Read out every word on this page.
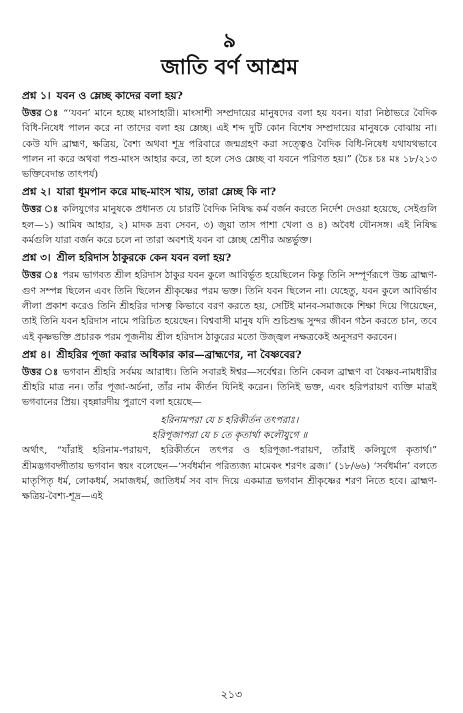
৯

জাতি বর্ণ আশ্রম

প্রশ্ন ১। যবন ও ম্লেচ্ছ কাদের বলা হয়?

উত্তর ঃ “‘যবন’ মানে হচ্ছে মাংসাহারী। মাংসাশী সম্প্রদায়ের মানুষদের বলা হয় যবন। যারা নিষ্ঠাভরে বৈদিক বিধি-নিষেধ পালন করে না তাদের বলা হয় ম্লেচ্ছ। এই শব্দ দুটি কোন বিশেষ সম্প্রদায়ের মানুষকে বোঝায় না। কেউ যদি ব্রাহ্মণ, ক্ষত্রিয়, বৈশ্য অথবা শূদ্র পরিবারে জন্মগ্রহণ করা সত্ত্বেও বৈদিক বিধি-নিষেধ যথাযথভাবে পালন না করে অথবা পশু-মাংস আহার করে, তা হলে সেও ম্লেচ্ছ বা যবনে পরিণত হয়।” (চৈঃ চঃ মঃ ১৮/২১৩ ভক্তিবেদান্ত তাৎপর্য)

প্রশ্ন ২। যারা ধূমপান করে মাছ-মাংস খায়, তারা ম্লেচ্ছ কি না?

উত্তর ঃ কলিযুগের মানুষকে প্রধানত যে চারটি বৈদিক নিষিদ্ধ কর্ম বর্জন করতে নির্দেশ দেওয়া হয়েছে, সেইগুলি হল—১) আমিষ আহার, ২) মাদক দ্রব্য সেবন, ৩) জুয়া তাস পাশা খেলা ও ৪) অবৈধ যৌনসঙ্গ। এই নিষিদ্ধ কর্মগুলি যারা বর্জন করে চলে না তারা অবশ্যই যবন বা ম্লেচ্ছ শ্রেণীর অন্তর্ভুক্ত।

প্রশ্ন ৩। শ্রীল হরিদাস ঠাকুরকে কেন যবন বলা হয়?

উত্তর ঃ পরম ভাগবত শ্রীল হরিদাস ঠাকুর যবন কুলে আবির্ভূত হয়েছিলেন কিন্তু তিনি সম্পূর্ণরূপে উচ্চ ব্রাহ্মণ-গুণ সম্পন্ন ছিলেন এবং তিনি ছিলেন শ্রীকৃষ্ণের পরম ভক্ত। তিনি যবন ছিলেন না। যেহেতু, যবন কুলে আবির্ভাব লীলা প্রকাশ করেও তিনি শ্রীহরির দাসত্ব কিভাবে বরণ করতে হয়, সেটিই মানব-সমাজকে শিক্ষা দিয়ে গিয়েছেন, তাই তিনি যবন হরিদাস নামে পরিচিত হয়েছেন। বিশ্ববাসী মানুষ যদি শুচিশুদ্ধ সুন্দর জীবন গঠন করতে চান, তবে এই কৃষ্ণভক্তি প্রচারক পরম পূজনীয় শ্রীল হরিদাস ঠাকুরের মতো উজ্জ্বল নক্ষত্রকেই অনুসরণ করবেন।

প্রশ্ন ৪। শ্রীহরির পূজা করার অধিকার কার—ব্রাহ্মণের, না বৈষ্ণবের?

উত্তর ঃ ভগবান শ্রীহরি সর্বময় আরাধ্য। তিনি সবারই ঈশ্বর—সর্বেশ্বর। তিনি কেবল ব্রাহ্মণ বা বৈষ্ণব-নামধারীর শ্রীহরি মাত্র নন। তাঁর পূজা-অর্চনা, তাঁর নাম কীর্তন যিনিই করেন। তিনিই ভক্ত, এবং হরিপরায়ণ ব্যক্তি মাত্রই ভগবানের প্রিয়। বৃহন্নারদীয় পুরাণে বলা হয়েছে—

হরিনামপরা যে চ হরিকীর্তন তৎপরাঃ।

হরিপূজাপরা যে চ তে কৃতার্থা কলৌযুগে ॥

অর্থাৎ, “যাঁরাই হরিনাম-পরায়ণ, হরিকীর্তনে তৎপর ও হরিপূজা-পরায়ণ, তাঁরাই কলিযুগে কৃতার্থ।” শ্রীমদ্ভগবদ্গীতায় ভগবান স্বয়ং বলেছেন—‘সর্বধর্মান পরিত্যজ্য মামেকং শরণং ব্রজ।’ (১৮/৬৬) ‘সর্বধর্মান’ বলতে মাতৃপিতৃ ধর্ম, লোকধর্ম, সমাজধর্ম, জাতিধর্ম সব বাদ দিয়ে একমাত্র ভগবান শ্রীকৃষ্ণের শরণ নিতে হবে। ব্রাহ্মণ-ক্ষত্রিয়-বৈশ্য-শূদ্র—এই

২১৩
